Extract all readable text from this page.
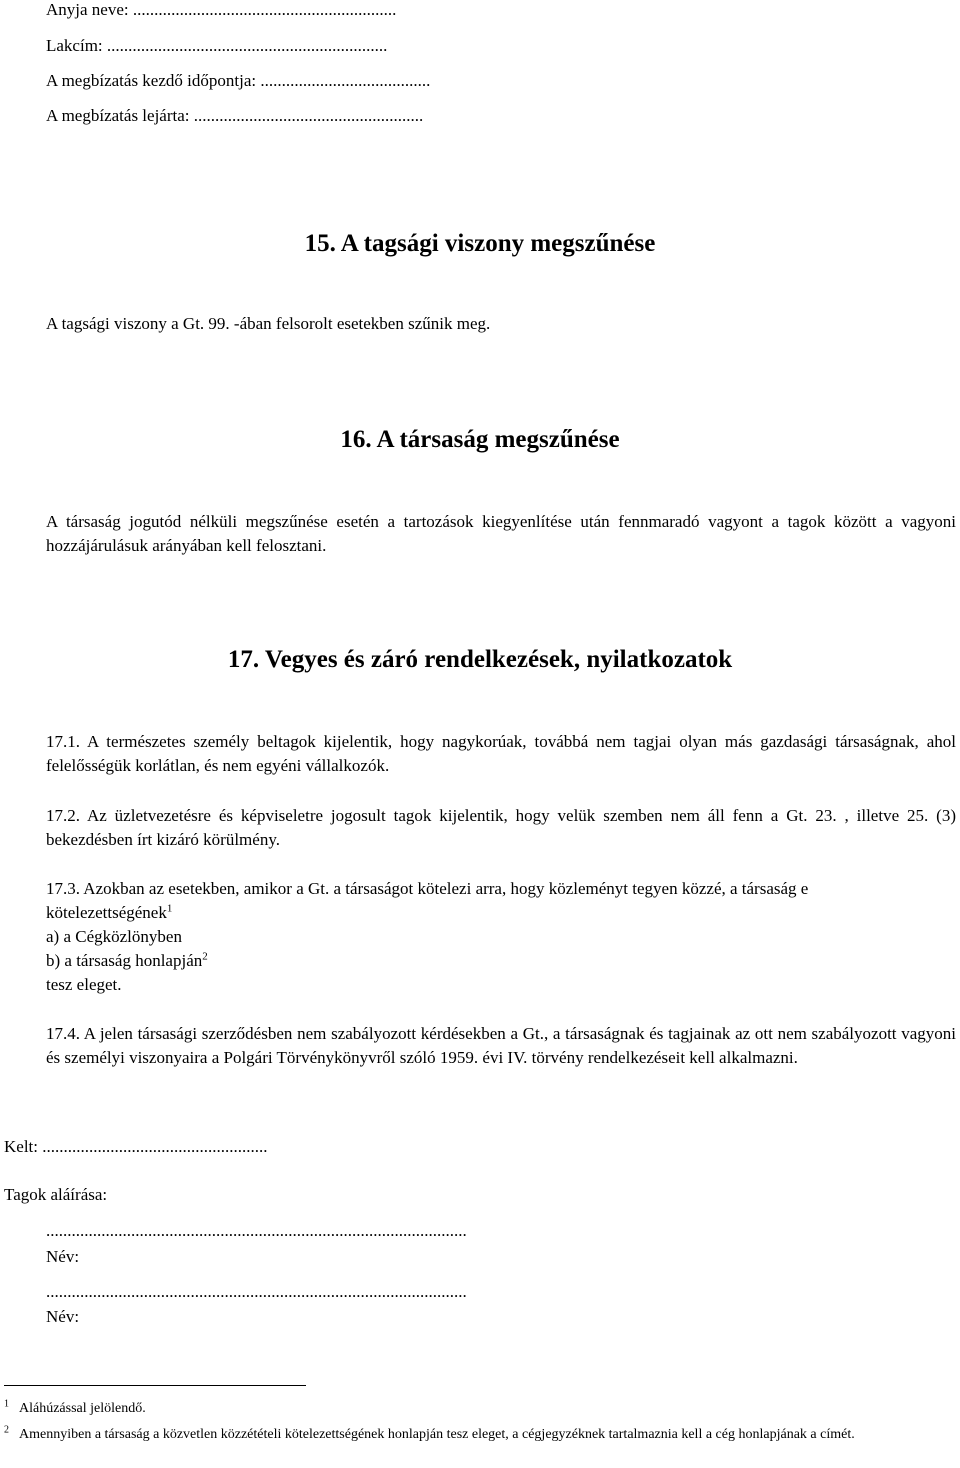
Anyja neve: ..............................................................
Lakcím: ..................................................................
A megbízatás kezdő időpontja: ........................................
A megbízatás lejárta: ......................................................
15. A tagsági viszony megszűnése
A tagsági viszony a Gt. 99. -ában felsorolt esetekben szűnik meg.
16. A társaság megszűnése
A társaság jogutód nélküli megszűnése esetén a tartozások kiegyenlítése után fennmaradó vagyont a tagok között a vagyoni hozzájárulásuk arányában kell felosztani.
17. Vegyes és záró rendelkezések, nyilatkozatok
17.1. A természetes személy beltagok kijelentik, hogy nagykorúak, továbbá nem tagjai olyan más gazdasági társaságnak, ahol felelősségük korlátlan, és nem egyéni vállalkozók.
17.2. Az üzletvezetésre és képviseletre jogosult tagok kijelentik, hogy velük szemben nem áll fenn a Gt. 23. , illetve 25. (3) bekezdésben írt kizáró körülmény.
17.3. Azokban az esetekben, amikor a Gt. a társaságot kötelezi arra, hogy közleményt tegyen közzé, a társaság e
kötelezettségének$^1$
a) a Cégközlönyben
b) a társaság honlapján$^2$
tesz eleget.
17.4. A jelen társasági szerződésben nem szabályozott kérdésekben a Gt., a társaságnak és tagjainak az ott nem szabályozott vagyoni és személyi viszonyaira a Polgári Törvénykönyvről szóló 1959. évi IV. törvény rendelkezéseit kell alkalmazni.
Kelt: .....................................................
Tagok aláírása:
...................................................................................................
Név:
...................................................................................................
Név:
$^1$ Aláhúzással jelölendő.
$^2$ Amennyiben a társaság a közvetlen közzétételi kötelezettségének honlapján tesz eleget, a cégjegyzéknek tartalmaznia kell a cég honlapjának a címét.
